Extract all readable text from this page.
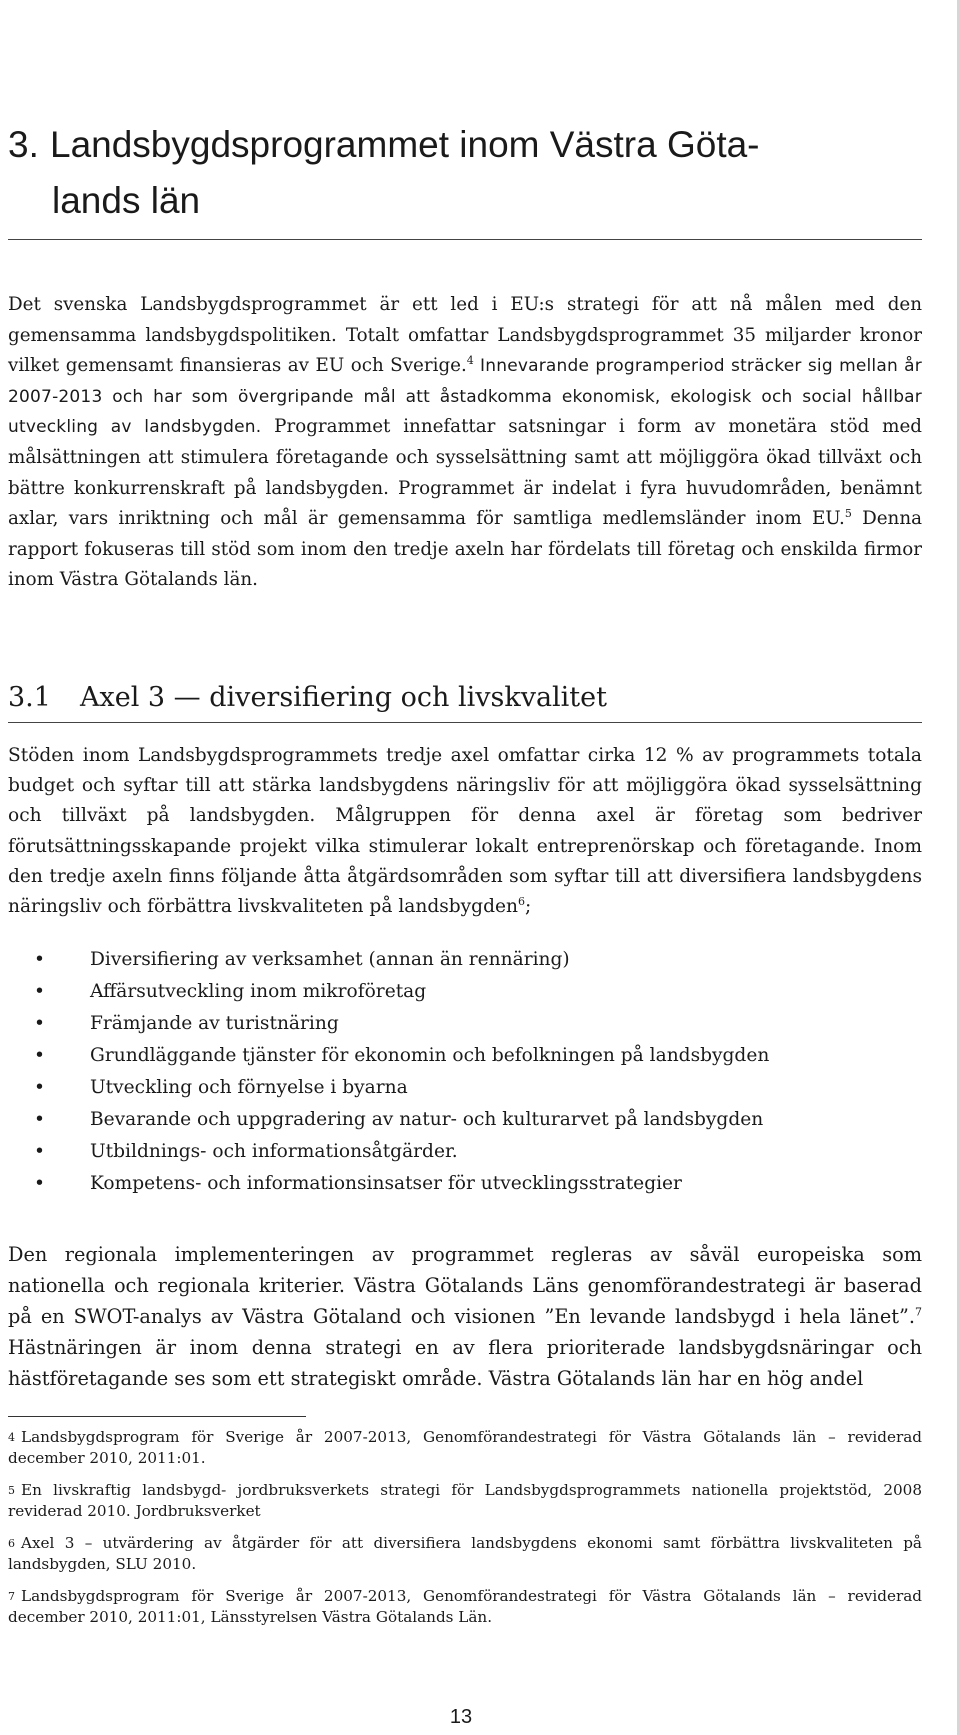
3. Landsbygdsprogrammet inom Västra Göta-
lands län

Det svenska Landsbygdsprogrammet är ett led i EU:s strategi för att nå målen med den gemensamma landsbygdspolitiken. Totalt omfattar Landsbygdsprogrammet 35 miljarder kronor vilket gemensamt finansieras av EU och Sverige.$^4$ Innevarande programperiod sträcker sig mellan år 2007-2013 och har som övergripande mål att åstadkomma ekonomisk, ekologisk och social hållbar utveckling av landsbygden. Programmet innefattar satsningar i form av monetära stöd med målsättningen att stimulera företagande och sysselsättning samt att möjliggöra ökad tillväxt och bättre konkurrenskraft på landsbygden. Programmet är indelat i fyra huvudområden, benämnt axlar, vars inriktning och mål är gemensamma för samtliga medlemsländer inom EU.$^5$ Denna rapport fokuseras till stöd som inom den tredje axeln har fördelats till företag och enskilda firmor inom Västra Götalands län.

3.1 Axel 3 — diversifiering och livskvalitet

Stöden inom Landsbygdsprogrammets tredje axel omfattar cirka 12 % av programmets totala budget och syftar till att stärka landsbygdens näringsliv för att möjliggöra ökad sysselsättning och tillväxt på landsbygden. Målgruppen för denna axel är företag som bedriver förutsättningsskapande projekt vilka stimulerar lokalt entreprenörskap och företagande. Inom den tredje axeln finns följande åtta åtgärdsområden som syftar till att diversifiera landsbygdens näringsliv och förbättra livskvaliteten på landsbygden$^6$;

• Diversifiering av verksamhet (annan än rennäring)
• Affärsutveckling inom mikroföretag
• Främjande av turistnäring
• Grundläggande tjänster för ekonomin och befolkningen på landsbygden
• Utveckling och förnyelse i byarna
• Bevarande och uppgradering av natur- och kulturarvet på landsbygden
• Utbildnings- och informationsåtgärder.
• Kompetens- och informationsinsatser för utvecklingsstrategier

Den regionala implementeringen av programmet regleras av såväl europeiska som nationella och regionala kriterier. Västra Götalands Läns genomförandestrategi är baserad på en SWOT-analys av Västra Götaland och visionen ”En levande landsbygd i hela länet”.$^7$ Hästnäringen är inom denna strategi en av flera prioriterade landsbygdsnäringar och hästföretagande ses som ett strategiskt område. Västra Götalands län har en hög andel

4 Landsbygdsprogram för Sverige år 2007-2013, Genomförandestrategi för Västra Götalands län – reviderad december 2010, 2011:01.

5 En livskraftig landsbygd- jordbruksverkets strategi för Landsbygdsprogrammets nationella projektstöd, 2008 reviderad 2010. Jordbruksverket

6 Axel 3 – utvärdering av åtgärder för att diversifiera landsbygdens ekonomi samt förbättra livskvaliteten på landsbygden, SLU 2010.

7 Landsbygdsprogram för Sverige år 2007-2013, Genomförandestrategi för Västra Götalands län – reviderad december 2010, 2011:01, Länsstyrelsen Västra Götalands Län.

13
